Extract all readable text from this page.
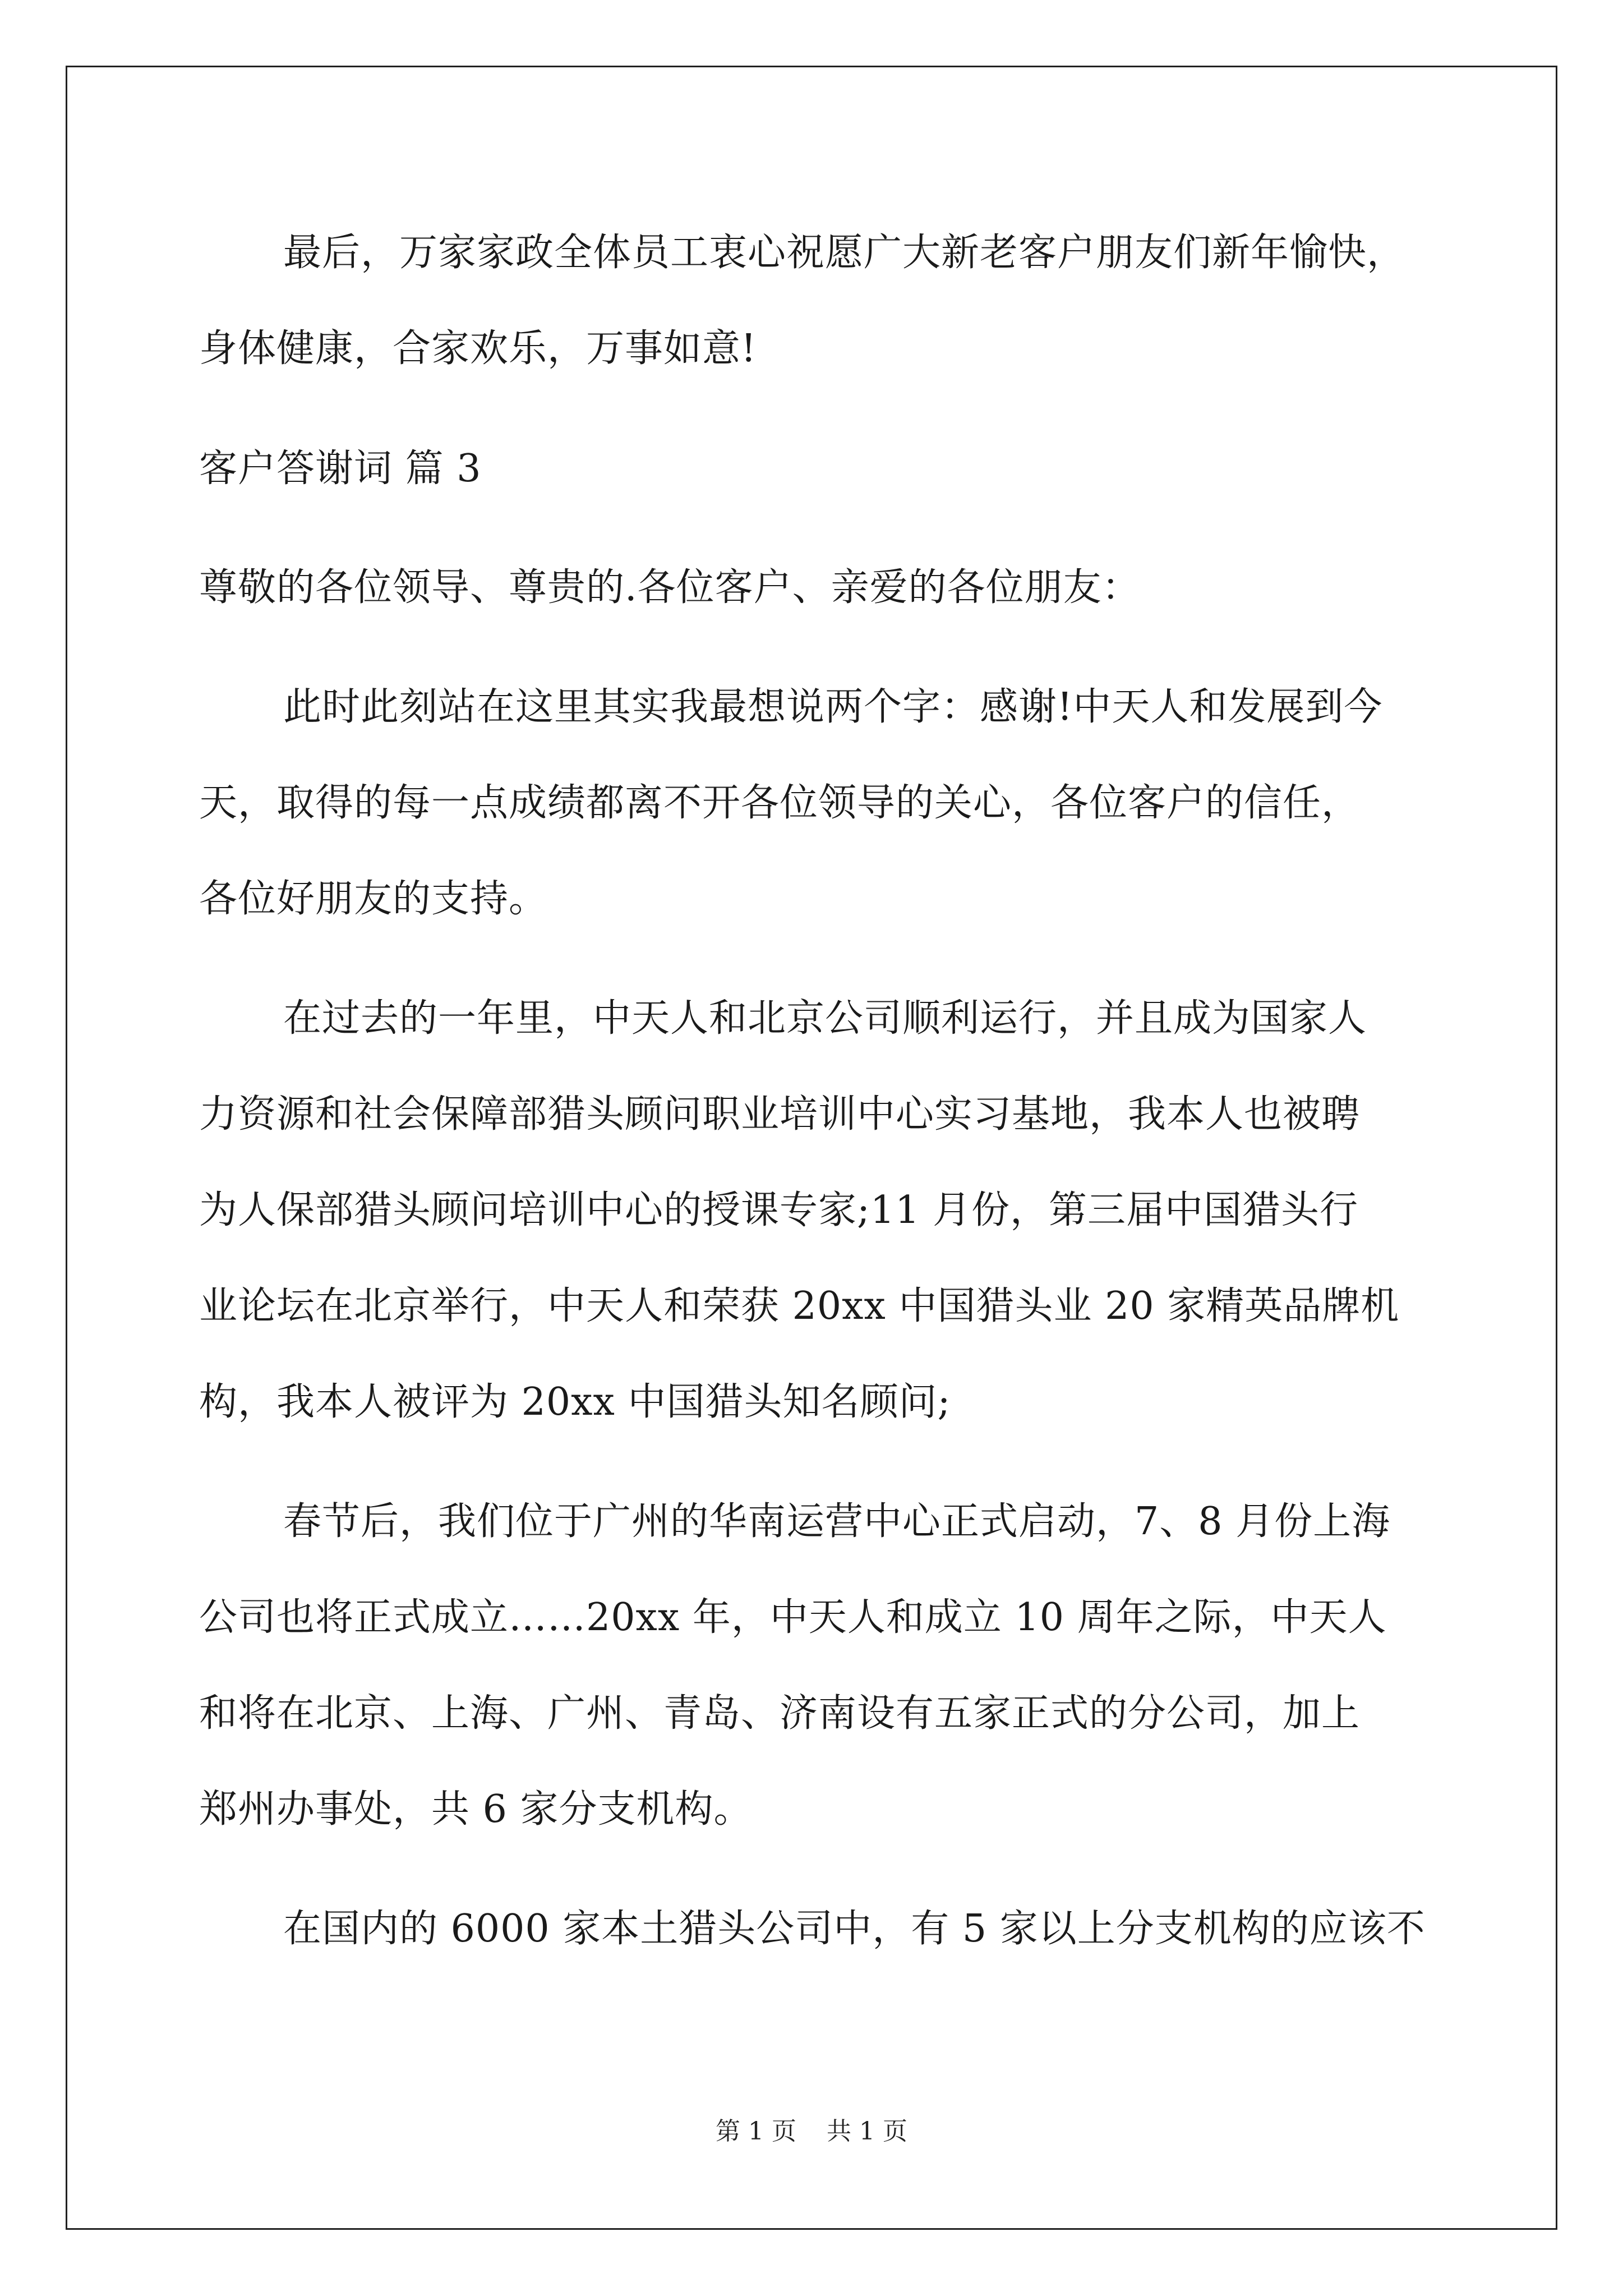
最后，万家家政全体员工衷心祝愿广大新老客户朋友们新年愉快，
身体健康，合家欢乐，万事如意!
客户答谢词 篇 3
尊敬的各位领导、尊贵的.各位客户、亲爱的各位朋友：
此时此刻站在这里其实我最想说两个字：感谢!中天人和发展到今
天，取得的每一点成绩都离不开各位领导的关心，各位客户的信任，
各位好朋友的支持。
在过去的一年里，中天人和北京公司顺利运行，并且成为国家人
力资源和社会保障部猎头顾问职业培训中心实习基地，我本人也被聘
为人保部猎头顾问培训中心的授课专家;11 月份，第三届中国猎头行
业论坛在北京举行，中天人和荣获 20xx 中国猎头业 20 家精英品牌机
构，我本人被评为 20xx 中国猎头知名顾问;
春节后，我们位于广州的华南运营中心正式启动，7、8 月份上海
公司也将正式成立……20xx 年，中天人和成立 10 周年之际，中天人
和将在北京、上海、广州、青岛、济南设有五家正式的分公司，加上
郑州办事处，共 6 家分支机构。
在国内的 6000 家本土猎头公司中，有 5 家以上分支机构的应该不
第 1 页 共 1 页
